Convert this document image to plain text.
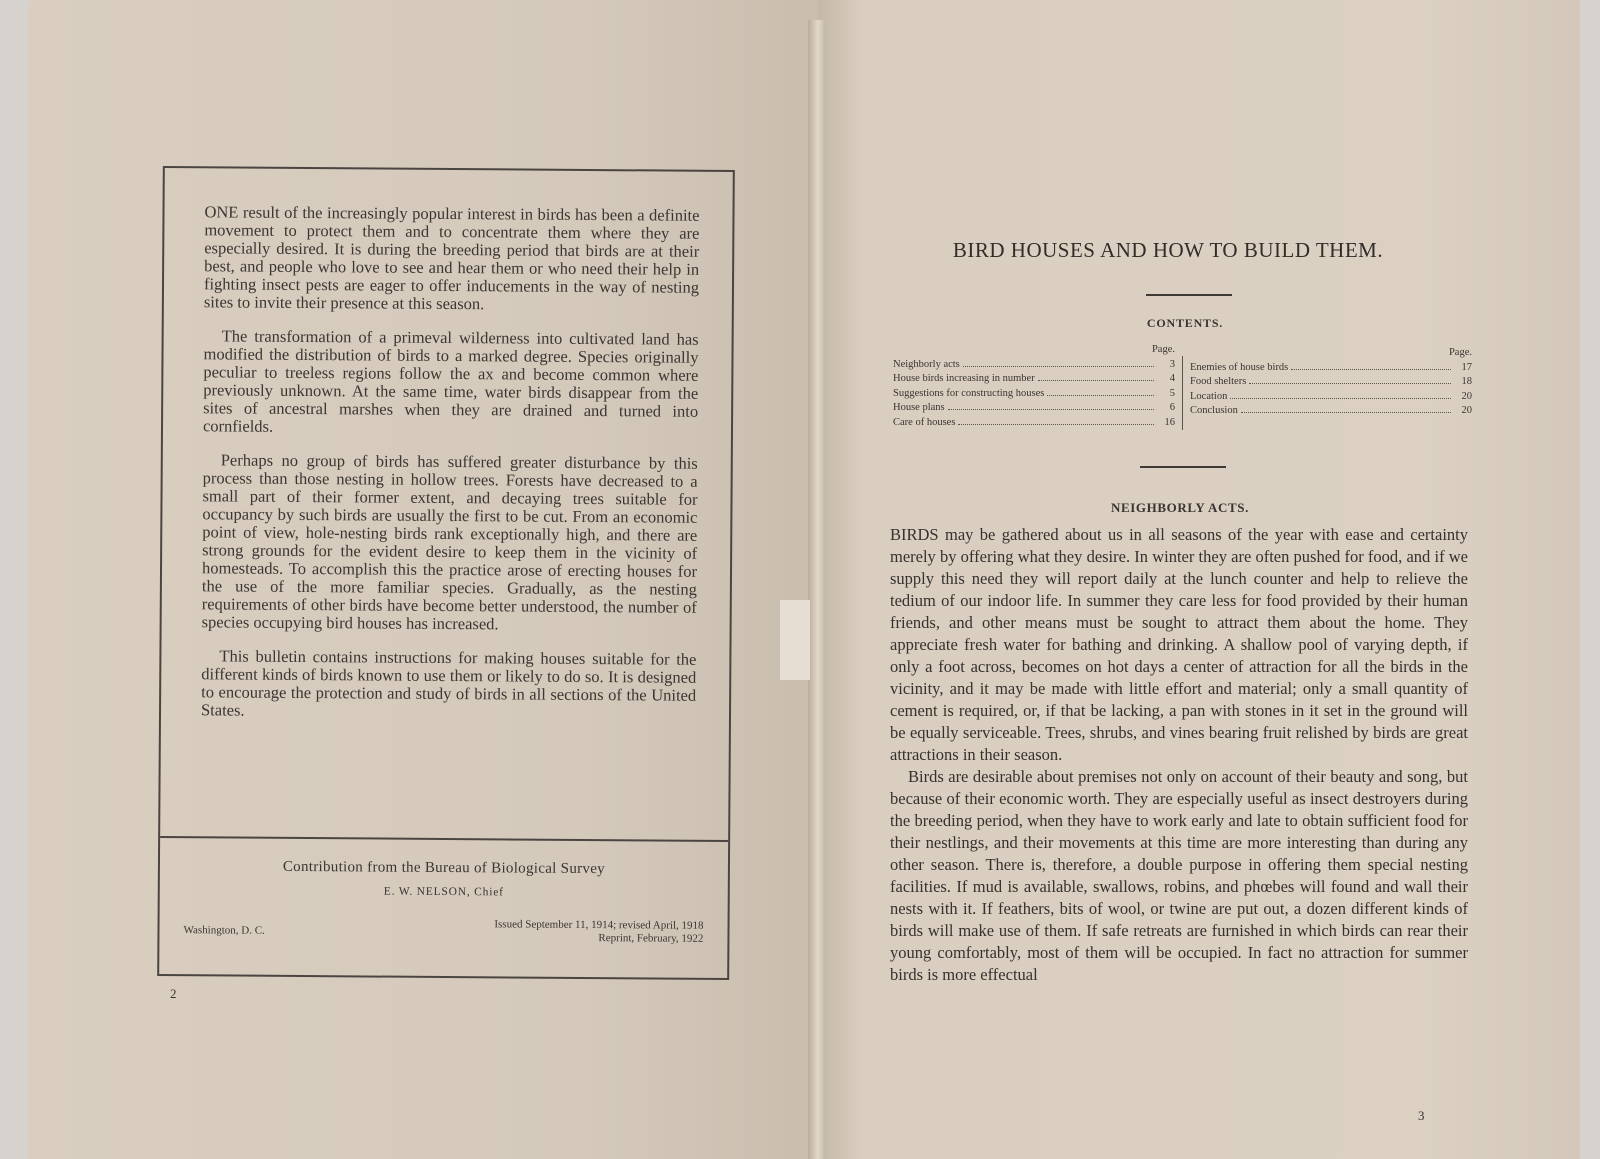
ONE result of the increasingly popular interest in birds has been a definite movement to protect them and to concentrate them where they are especially desired. It is during the breeding period that birds are at their best, and people who love to see and hear them or who need their help in fighting insect pests are eager to offer inducements in the way of nesting sites to invite their presence at this season.

The transformation of a primeval wilderness into cultivated land has modified the distribution of birds to a marked degree. Species originally peculiar to treeless regions follow the ax and become common where previously unknown. At the same time, water birds disappear from the sites of ancestral marshes when they are drained and turned into cornfields.

Perhaps no group of birds has suffered greater disturbance by this process than those nesting in hollow trees. Forests have decreased to a small part of their former extent, and decaying trees suitable for occupancy by such birds are usually the first to be cut. From an economic point of view, hole-nesting birds rank exceptionally high, and there are strong grounds for the evident desire to keep them in the vicinity of homesteads. To accomplish this the practice arose of erecting houses for the use of the more familiar species. Gradually, as the nesting requirements of other birds have become better understood, the number of species occupying bird houses has increased.

This bulletin contains instructions for making houses suitable for the different kinds of birds known to use them or likely to do so. It is designed to encourage the protection and study of birds in all sections of the United States.

Contribution from the Bureau of Biological Survey
E. W. NELSON, Chief
Washington, D. C.	Issued September 11, 1914; revised April, 1918
Reprint, February, 1922
2
BIRD HOUSES AND HOW TO BUILD THEM.
CONTENTS.
Page.
Neighborly acts	3
House birds increasing in number	4
Suggestions for constructing houses	5
House plans	6
Care of houses	16
Page.
Enemies of house birds	17
Food shelters	18
Location	20
Conclusion	20
NEIGHBORLY ACTS.

BIRDS may be gathered about us in all seasons of the year with ease and certainty merely by offering what they desire. In winter they are often pushed for food, and if we supply this need they will report daily at the lunch counter and help to relieve the tedium of our indoor life. In summer they care less for food provided by their human friends, and other means must be sought to attract them about the home. They appreciate fresh water for bathing and drinking. A shallow pool of varying depth, if only a foot across, becomes on hot days a center of attraction for all the birds in the vicinity, and it may be made with little effort and material; only a small quantity of cement is required, or, if that be lacking, a pan with stones in it set in the ground will be equally serviceable. Trees, shrubs, and vines bearing fruit relished by birds are great attractions in their season.

Birds are desirable about premises not only on account of their beauty and song, but because of their economic worth. They are especially useful as insect destroyers during the breeding period, when they have to work early and late to obtain sufficient food for their nestlings, and their movements at this time are more interesting than during any other season. There is, therefore, a double purpose in offering them special nesting facilities. If mud is available, swallows, robins, and phœbes will found and wall their nests with it. If feathers, bits of wool, or twine are put out, a dozen different kinds of birds will make use of them. If safe retreats are furnished in which birds can rear their young comfortably, most of them will be occupied. In fact no attraction for summer birds is more effectual

3
